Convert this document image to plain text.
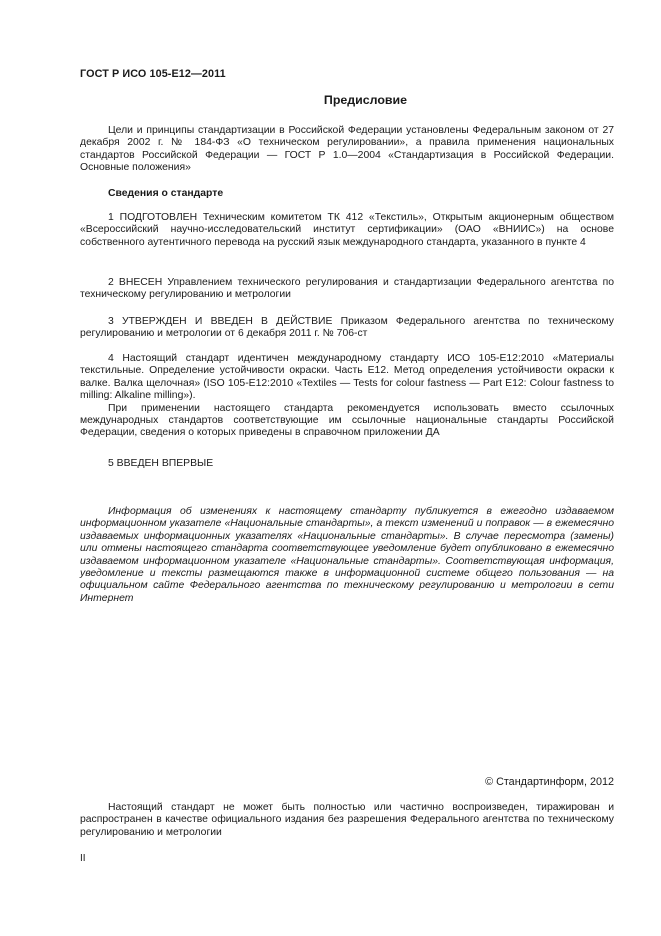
ГОСТ Р ИСО 105-E12—2011
Предисловие

Цели и принципы стандартизации в Российской Федерации установлены Федеральным законом от 27 декабря 2002 г. № 184-ФЗ «О техническом регулировании», а правила применения национальных стандартов Российской Федерации — ГОСТ Р 1.0—2004 «Стандартизация в Российской Федерации. Основные положения»

Сведения о стандарте

1 ПОДГОТОВЛЕН Техническим комитетом ТК 412 «Текстиль», Открытым акционерным обществом «Всероссийский научно-исследовательский институт сертификации» (ОАО «ВНИИС») на основе собственного аутентичного перевода на русский язык международного стандарта, указанного в пункте 4

2 ВНЕСЕН Управлением технического регулирования и стандартизации Федерального агентства по техническому регулированию и метрологии

3 УТВЕРЖДЕН И ВВЕДЕН В ДЕЙСТВИЕ Приказом Федерального агентства по техническому регулированию и метрологии от 6 декабря 2011 г. № 706-ст

4 Настоящий стандарт идентичен международному стандарту ИСО 105-E12:2010 «Материалы текстильные. Определение устойчивости окраски. Часть E12. Метод определения устойчивости окраски к валке. Валка щелочная» (ISO 105-E12:2010 «Textiles — Tests for colour fastness — Part E12: Colour fastness to milling: Alkaline milling»).

При применении настоящего стандарта рекомендуется использовать вместо ссылочных международных стандартов соответствующие им ссылочные национальные стандарты Российской Федерации, сведения о которых приведены в справочном приложении ДА

5 ВВЕДЕН ВПЕРВЫЕ

Информация об изменениях к настоящему стандарту публикуется в ежегодно издаваемом информационном указателе «Национальные стандарты», а текст изменений и поправок — в ежемесячно издаваемых информационных указателях «Национальные стандарты». В случае пересмотра (замены) или отмены настоящего стандарта соответствующее уведомление будет опубликовано в ежемесячно издаваемом информационном указателе «Национальные стандарты». Соответствующая информация, уведомление и тексты размещаются также в информационной системе общего пользования — на официальном сайте Федерального агентства по техническому регулированию и метрологии в сети Интернет

© Стандартинформ, 2012

Настоящий стандарт не может быть полностью или частично воспроизведен, тиражирован и распространен в качестве официального издания без разрешения Федерального агентства по техническому регулированию и метрологии

II
